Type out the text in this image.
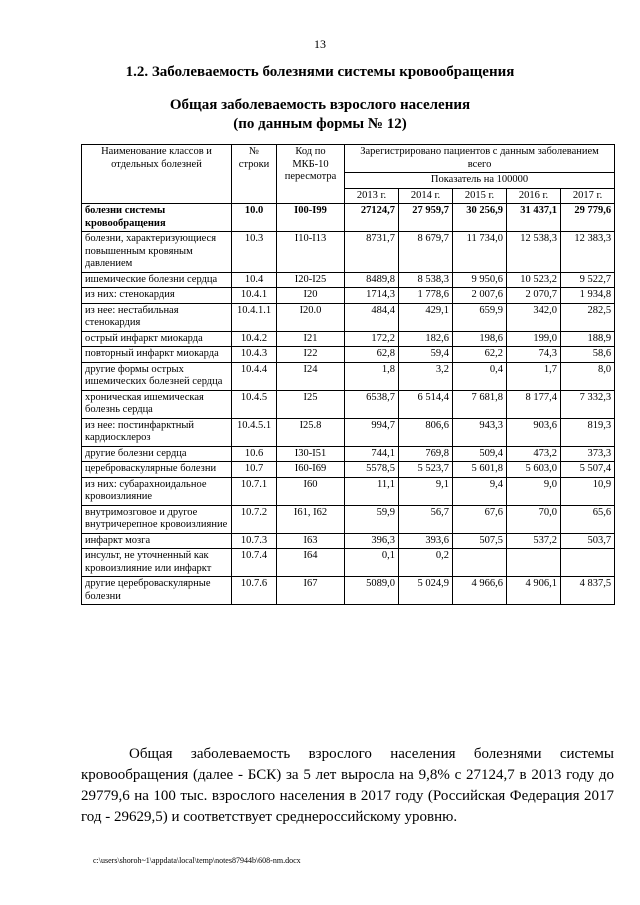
13
1.2. Заболеваемость болезнями системы кровообращения
Общая заболеваемость взрослого населения
(по данным формы № 12)
Наименование классов и отдельных болезней	№ строки	Код по МКБ-10 пересмотра	Зарегистрировано пациентов с данным заболеванием всего				
			Показатель на 100000				
			2013 г.	2014 г.	2015 г.	2016 г.	2017 г.
болезни системы кровообращения	10.0	I00-I99	27124,7	27 959,7	30 256,9	31 437,1	29 779,6
болезни, характеризующиеся повышенным кровяным давлением	10.3	I10-I13	8731,7	8 679,7	11 734,0	12 538,3	12 383,3
ишемические болезни сердца	10.4	I20-I25	8489,8	8 538,3	9 950,6	10 523,2	9 522,7
из них: стенокардия	10.4.1	I20	1714,3	1 778,6	2 007,6	2 070,7	1 934,8
из нее: нестабильная стенокардия	10.4.1.1	I20.0	484,4	429,1	659,9	342,0	282,5
острый инфаркт миокарда	10.4.2	I21	172,2	182,6	198,6	199,0	188,9
повторный инфаркт миокарда	10.4.3	I22	62,8	59,4	62,2	74,3	58,6
другие формы острых ишемических болезней сердца	10.4.4	I24	1,8	3,2	0,4	1,7	8,0
хроническая ишемическая болезнь сердца	10.4.5	I25	6538,7	6 514,4	7 681,8	8 177,4	7 332,3
из нее: постинфарктный кардиосклероз	10.4.5.1	I25.8	994,7	806,6	943,3	903,6	819,3
другие болезни сердца	10.6	I30-I51	744,1	769,8	509,4	473,2	373,3
цереброваскулярные болезни	10.7	I60-I69	5578,5	5 523,7	5 601,8	5 603,0	5 507,4
из них: субарахноидальное кровоизлияние	10.7.1	I60	11,1	9,1	9,4	9,0	10,9
внутримозговое и другое внутричерепное кровоизлияние	10.7.2	I61, I62	59,9	56,7	67,6	70,0	65,6
инфаркт мозга	10.7.3	I63	396,3	393,6	507,5	537,2	503,7
инсульт, не уточненный как кровоизлияние или инфаркт	10.7.4	I64	0,1	0,2			
другие цереброваскулярные болезни	10.7.6	I67	5089,0	5 024,9	4 966,6	4 906,1	4 837,5

Общая заболеваемость взрослого населения болезнями системы кровообращения (далее - БСК) за 5 лет выросла на 9,8% с 27124,7 в 2013 году до 29779,6 на 100 тыс. взрослого населения в 2017 году (Российская Федерация 2017 год - 29629,5) и соответствует среднероссийскому уровню.

c:\users\shoroh~1\appdata\local\temp\notes87944b\608-nm.docx
